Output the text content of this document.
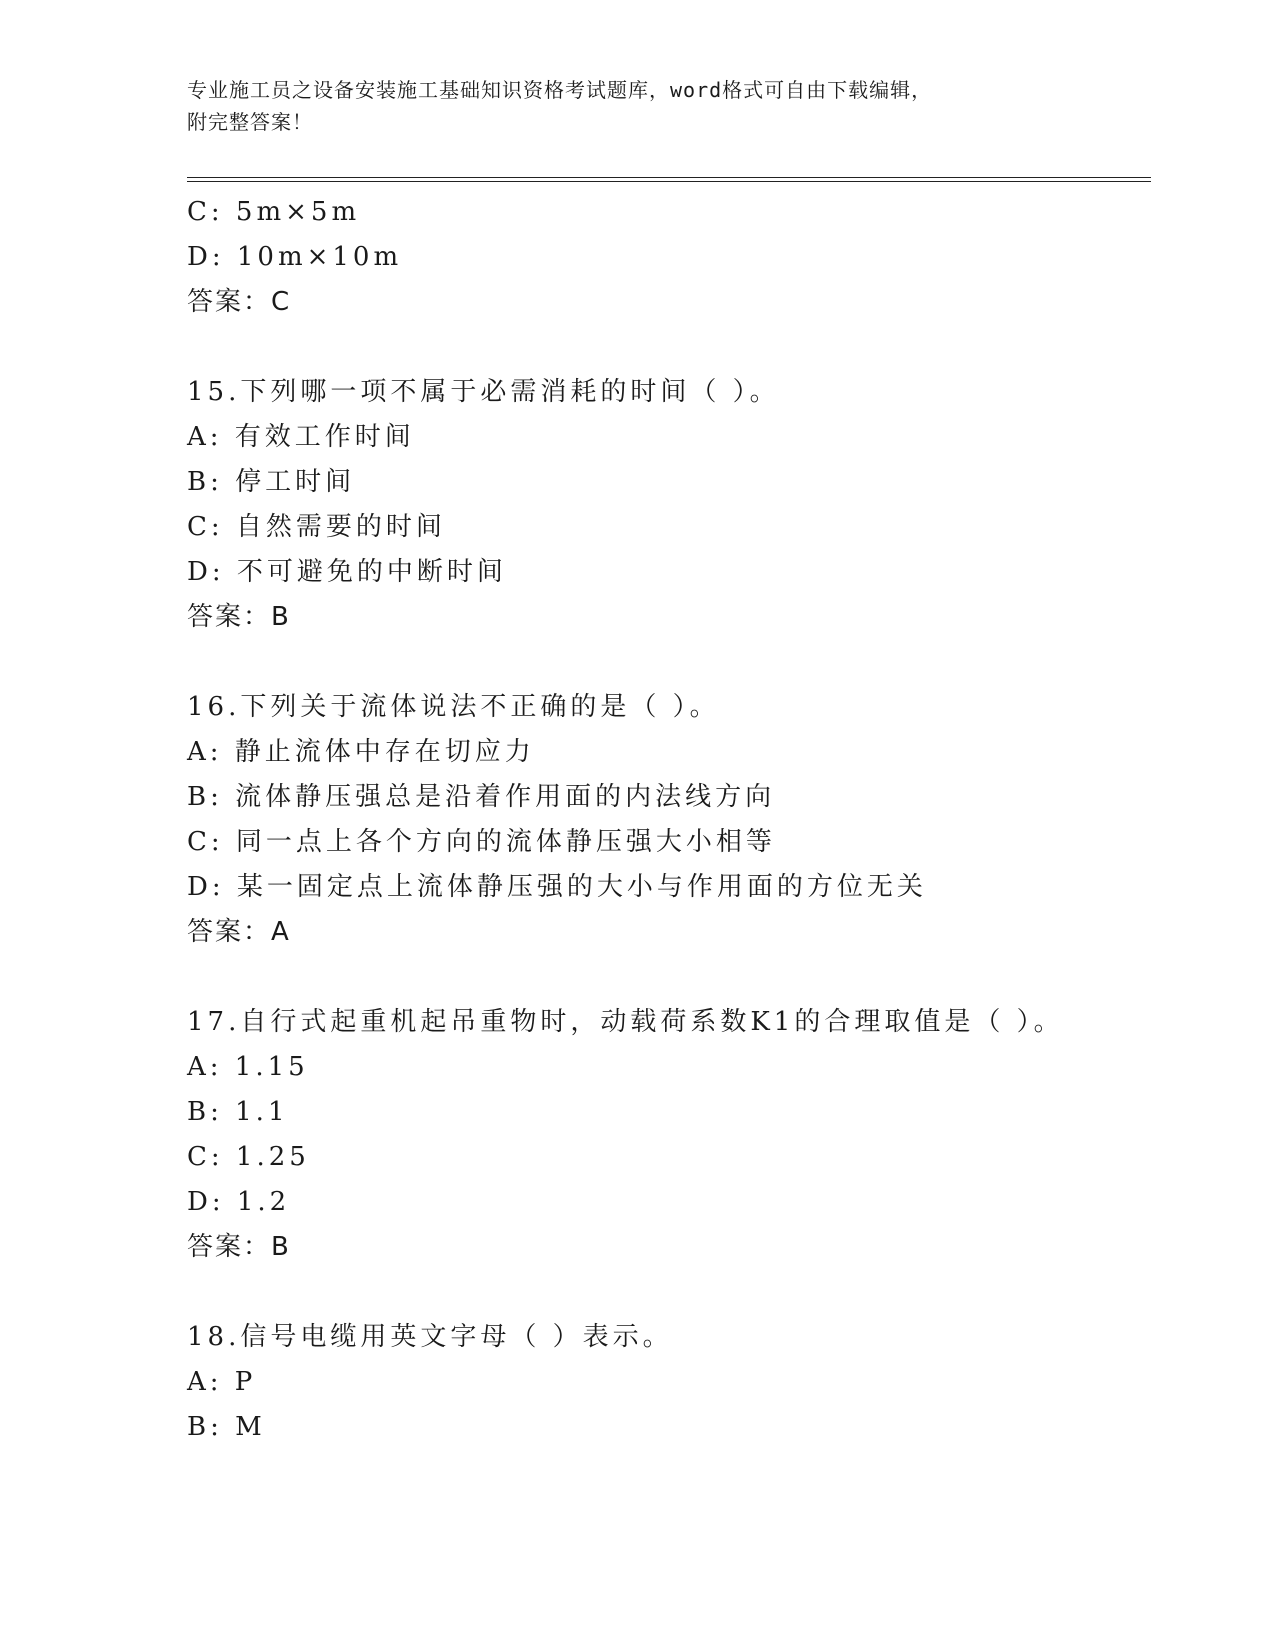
专业施工员之设备安装施工基础知识资格考试题库，word格式可自由下载编辑，
附完整答案！
C: 5m×5m
D: 10m×10m
答案：C
15.下列哪一项不属于必需消耗的时间（ ）。
A: 有效工作时间
B: 停工时间
C: 自然需要的时间
D: 不可避免的中断时间
答案：B
16.下列关于流体说法不正确的是（ ）。
A: 静止流体中存在切应力
B: 流体静压强总是沿着作用面的内法线方向
C: 同一点上各个方向的流体静压强大小相等
D: 某一固定点上流体静压强的大小与作用面的方位无关
答案：A
17.自行式起重机起吊重物时，动载荷系数K1的合理取值是（ ）。
A: 1.15
B: 1.1
C: 1.25
D: 1.2
答案：B
18.信号电缆用英文字母（ ）表示。
A: P
B: M
